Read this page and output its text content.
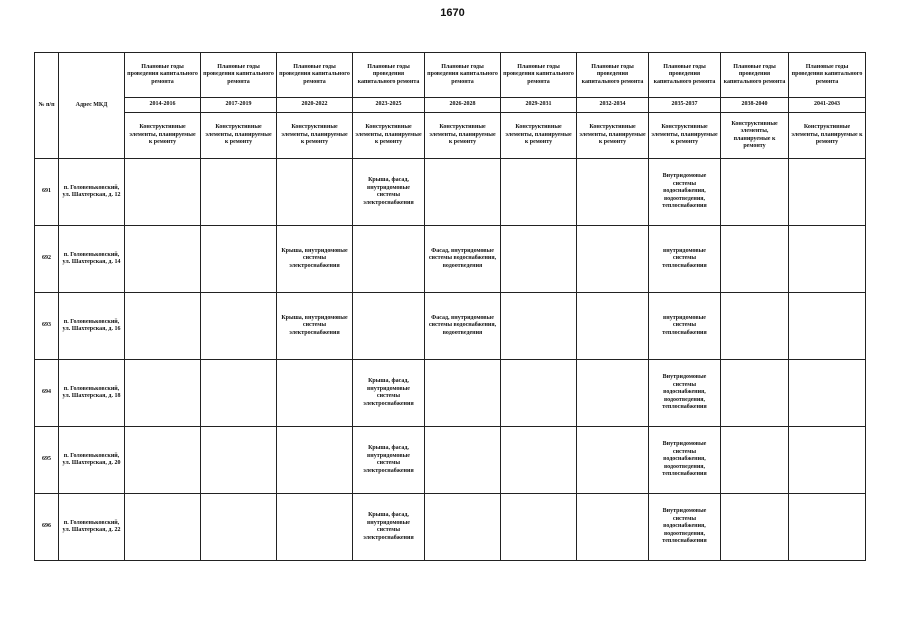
1670
№ п/п	Адрес МКД	Плановые годы проведения капитального ремонта	Плановые годы проведения капитального ремонта	Плановые годы проведения капитального ремонта	Плановые годы проведения капитального ремонта	Плановые годы проведения капитального ремонта	Плановые годы проведения капитального ремонта	Плановые годы проведения капитального ремонта	Плановые годы проведения капитального ремонта	Плановые годы проведения капитального ремонта	Плановые годы проведения капитального ремонта
		2014-2016	2017-2019	2020-2022	2023-2025	2026-2028	2029-2031	2032-2034	2035-2037	2038-2040	2041-2043
		Конструктивные элементы, планируемые к ремонту	Конструктивные элементы, планируемые к ремонту	Конструктивные элементы, планируемые к ремонту	Конструктивные элементы, планируемые к ремонту	Конструктивные элементы, планируемые к ремонту	Конструктивные элементы, планируемые к ремонту	Конструктивные элементы, планируемые к ремонту	Конструктивные элементы, планируемые к ремонту	Конструктивные элементы, планируемые к ремонту	Конструктивные элементы, планируемые к ремонту
691	п. Головеньковский, ул. Шахтерская, д. 12				Крыша, фасад, внутридомовые системы электроснабжения				Внутридомовые системы водоснабжения, водоотведения, теплоснабжения		
692	п. Головеньковский, ул. Шахтерская, д. 14			Крыша, внутридомовые системы электроснабжения		Фасад, внутридомовые системы водоснабжения, водоотведения			внутридомовые системы теплоснабжения		
693	п. Головеньковский, ул. Шахтерская, д. 16			Крыша, внутридомовые системы электроснабжения		Фасад, внутридомовые системы водоснабжения, водоотведения			внутридомовые системы теплоснабжения		
694	п. Головеньковский, ул. Шахтерская, д. 18				Крыша, фасад, внутридомовые системы электроснабжения				Внутридомовые системы водоснабжения, водоотведения, теплоснабжения		
695	п. Головеньковский, ул. Шахтерская, д. 20				Крыша, фасад, внутридомовые системы электроснабжения				Внутридомовые системы водоснабжения, водоотведения, теплоснабжения		
696	п. Головеньковский, ул. Шахтерская, д. 22				Крыша, фасад, внутридомовые системы электроснабжения				Внутридомовые системы водоснабжения, водоотведения, теплоснабжения		
